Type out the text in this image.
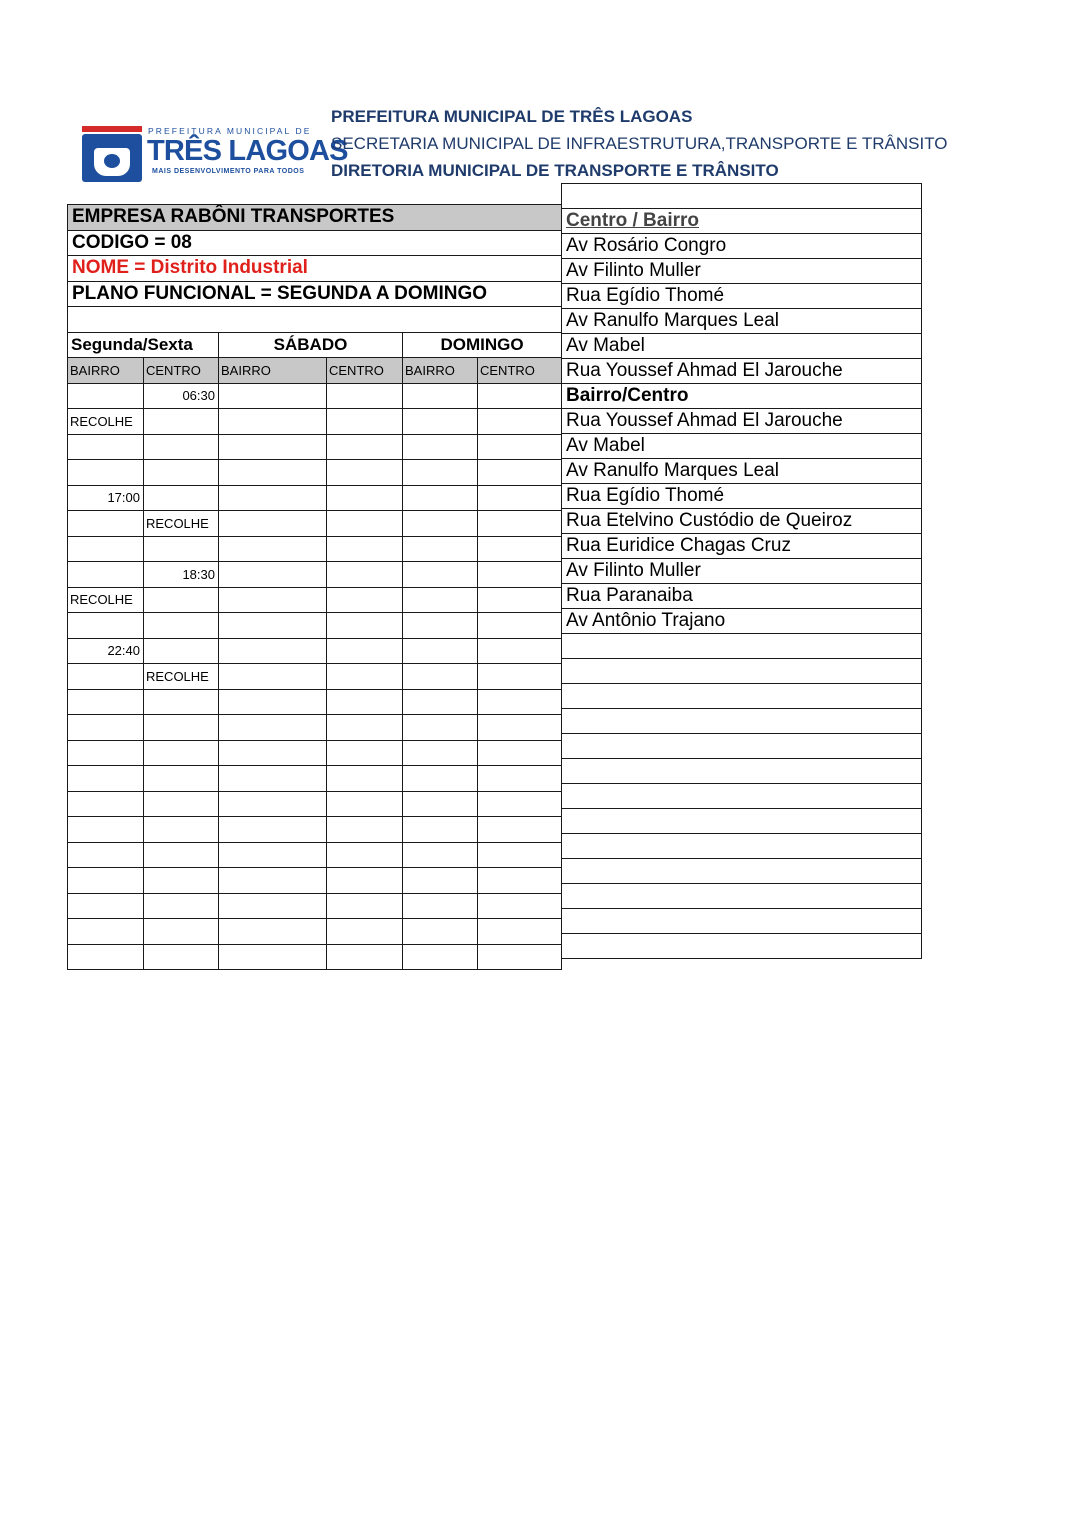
PREFEITURA MUNICIPAL DE
TRÊS LAGOAS
MAIS DESENVOLVIMENTO PARA TODOS
PREFEITURA MUNICIPAL DE TRÊS LAGOAS
SECRETARIA MUNICIPAL DE INFRAESTRUTURA,TRANSPORTE E TRÂNSITO
DIRETORIA MUNICIPAL DE TRANSPORTE E TRÂNSITO
EMPRESA RABÔNI TRANSPORTES					
CODIGO = 08					
NOME = Distrito Industrial					
PLANO FUNCIONAL = SEGUNDA A DOMINGO					

Segunda/Sexta		SÁBADO		DOMINGO	
BAIRRO	CENTRO	BAIRRO	CENTRO	BAIRRO	CENTRO
	06:30				
RECOLHE					

17:00					
	RECOLHE				

	18:30				
RECOLHE					

22:40					
	RECOLHE				

Centro / Bairro
Av Rosário Congro
Av Filinto Muller
Rua Egídio Thomé
Av Ranulfo Marques Leal
Av Mabel
Rua Youssef Ahmad El Jarouche
Bairro/Centro
Rua Youssef Ahmad El Jarouche
Av Mabel
Av Ranulfo Marques Leal
Rua Egídio Thomé
Rua Etelvino Custódio de Queiroz
Rua Euridice Chagas Cruz
Av Filinto Muller
Rua Paranaiba
Av Antônio Trajano
